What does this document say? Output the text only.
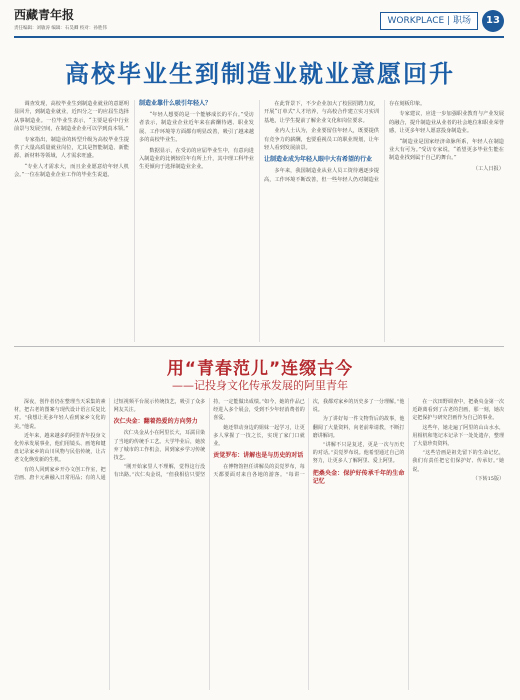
西藏青年报
责任编辑：刘敏涛 编辑：石昊卿 校对：孙胜伟
WORKPLACE | 职场	13
高校毕业生到制造业就业意愿回升

调查发现，高校毕业生到制造业就业的意愿明显回升，到制造业就业，近四分之一的应届生选择从事制造业。一位毕业生表示，“主要是看中行业前景与发展空间，在制造业企业可以学到真本领。”

专家指出，制造业的转型升级为高校毕业生提供了大量高质量就业岗位，尤其是智能制造、新能源、新材料等领域，人才需求旺盛。

“专业人才需求大，而且企业愿意给年轻人机会。”一位在制造业企业工作的毕业生说道。

制造业靠什么吸引年轻人？

“年轻人想要的是一个能够成长的平台。”受访者表示，制造业企业近年来在薪酬待遇、职业发展、工作环境等方面都有明显改善，吸引了越来越多的高校毕业生。

数据显示，在受访的应届毕业生中，有意向进入制造业的比例较往年有所上升，其中理工科毕业生更倾向于选择制造业企业。

在此背景下，不少企业加大了校园招聘力度，开展“订单式”人才培养，与高校合作建立实习实训基地，让学生提前了解企业文化和岗位要求。

业内人士认为，企业要留住年轻人，既要提供有竞争力的薪酬，也要重视员工的职业规划，让年轻人看到发展前景。

让制造业成为年轻人眼中大有希望的行业

多年来，我国制造业从业人员工资待遇逐步提高，工作环境不断改善，但一些年轻人仍对制造业存在刻板印象。

专家建议，应进一步加强职业教育与产业发展的融合，提升制造业从业者的社会地位和职业荣誉感，让更多年轻人愿意投身制造业。

“制造业是国家经济命脉所系，年轻人在制造业大有可为。”受访专家说，“希望更多毕业生能在制造业找到属于自己的舞台。”

（工人日报）
用“青春范儿”连缀古今
——记投身文化传承发展的阿里青年

深夜，创作者仍在整理当天采集的素材，把古老的图案与现代设计语言反复比对。“我想让更多年轻人看到家乡文化的美。”他说。

近年来，越来越多的阿里青年投身文化传承发展事业，他们用镜头、画笔和键盘记录家乡的山川风物与民俗传统，让古老文化焕发新的生机。

有的人回到家乡开办文创工作室，把岩画、唐卡元素融入日常用品；有的人通过短视频平台展示传统技艺，吸引了众多网友关注。

次仁央金：翻着热爱的方向努力

次仁央金从小在阿里长大，耳濡目染了当地的传统手工艺。大学毕业后，她放弃了城市的工作机会，回到家乡学习传统技艺。

“刚开始家里人不理解，觉得这行没有出路。”次仁央金说，“但我相信只要坚持，一定能做出成绩。”如今，她的作品已经进入多个展会，受到不少年轻消费者的喜爱。

她还带动身边的姐妹一起学习，让更多人掌握了一技之长，实现了家门口就业。

贡觉罗布：讲解也是与历史的对话

在博物馆担任讲解员的贡觉罗布，每天都要面对来自各地的游客。“每讲一次，我都对家乡的历史多了一分理解。”他说。

为了讲好每一件文物背后的故事，他翻阅了大量资料，向老前辈请教，不断打磨讲解词。

“讲解不只是复述，更是一次与历史的对话。”贡觉罗布说。他希望通过自己的努力，让更多人了解阿里、爱上阿里。

把桑央金：保护好传承千年的生命记忆

在一次田野调查中，把桑央金第一次近距离看到了古老的岩画，那一刻，她决定把保护与研究岩画作为自己的事业。

这些年，她走遍了阿里的山山水水，用相机和笔记本记录下一处处遗存，整理了大量珍贵资料。

“这些岩画是祖先留下的生命记忆，我们有责任把它们保护好、传承好。”她说。

（下转15版）
